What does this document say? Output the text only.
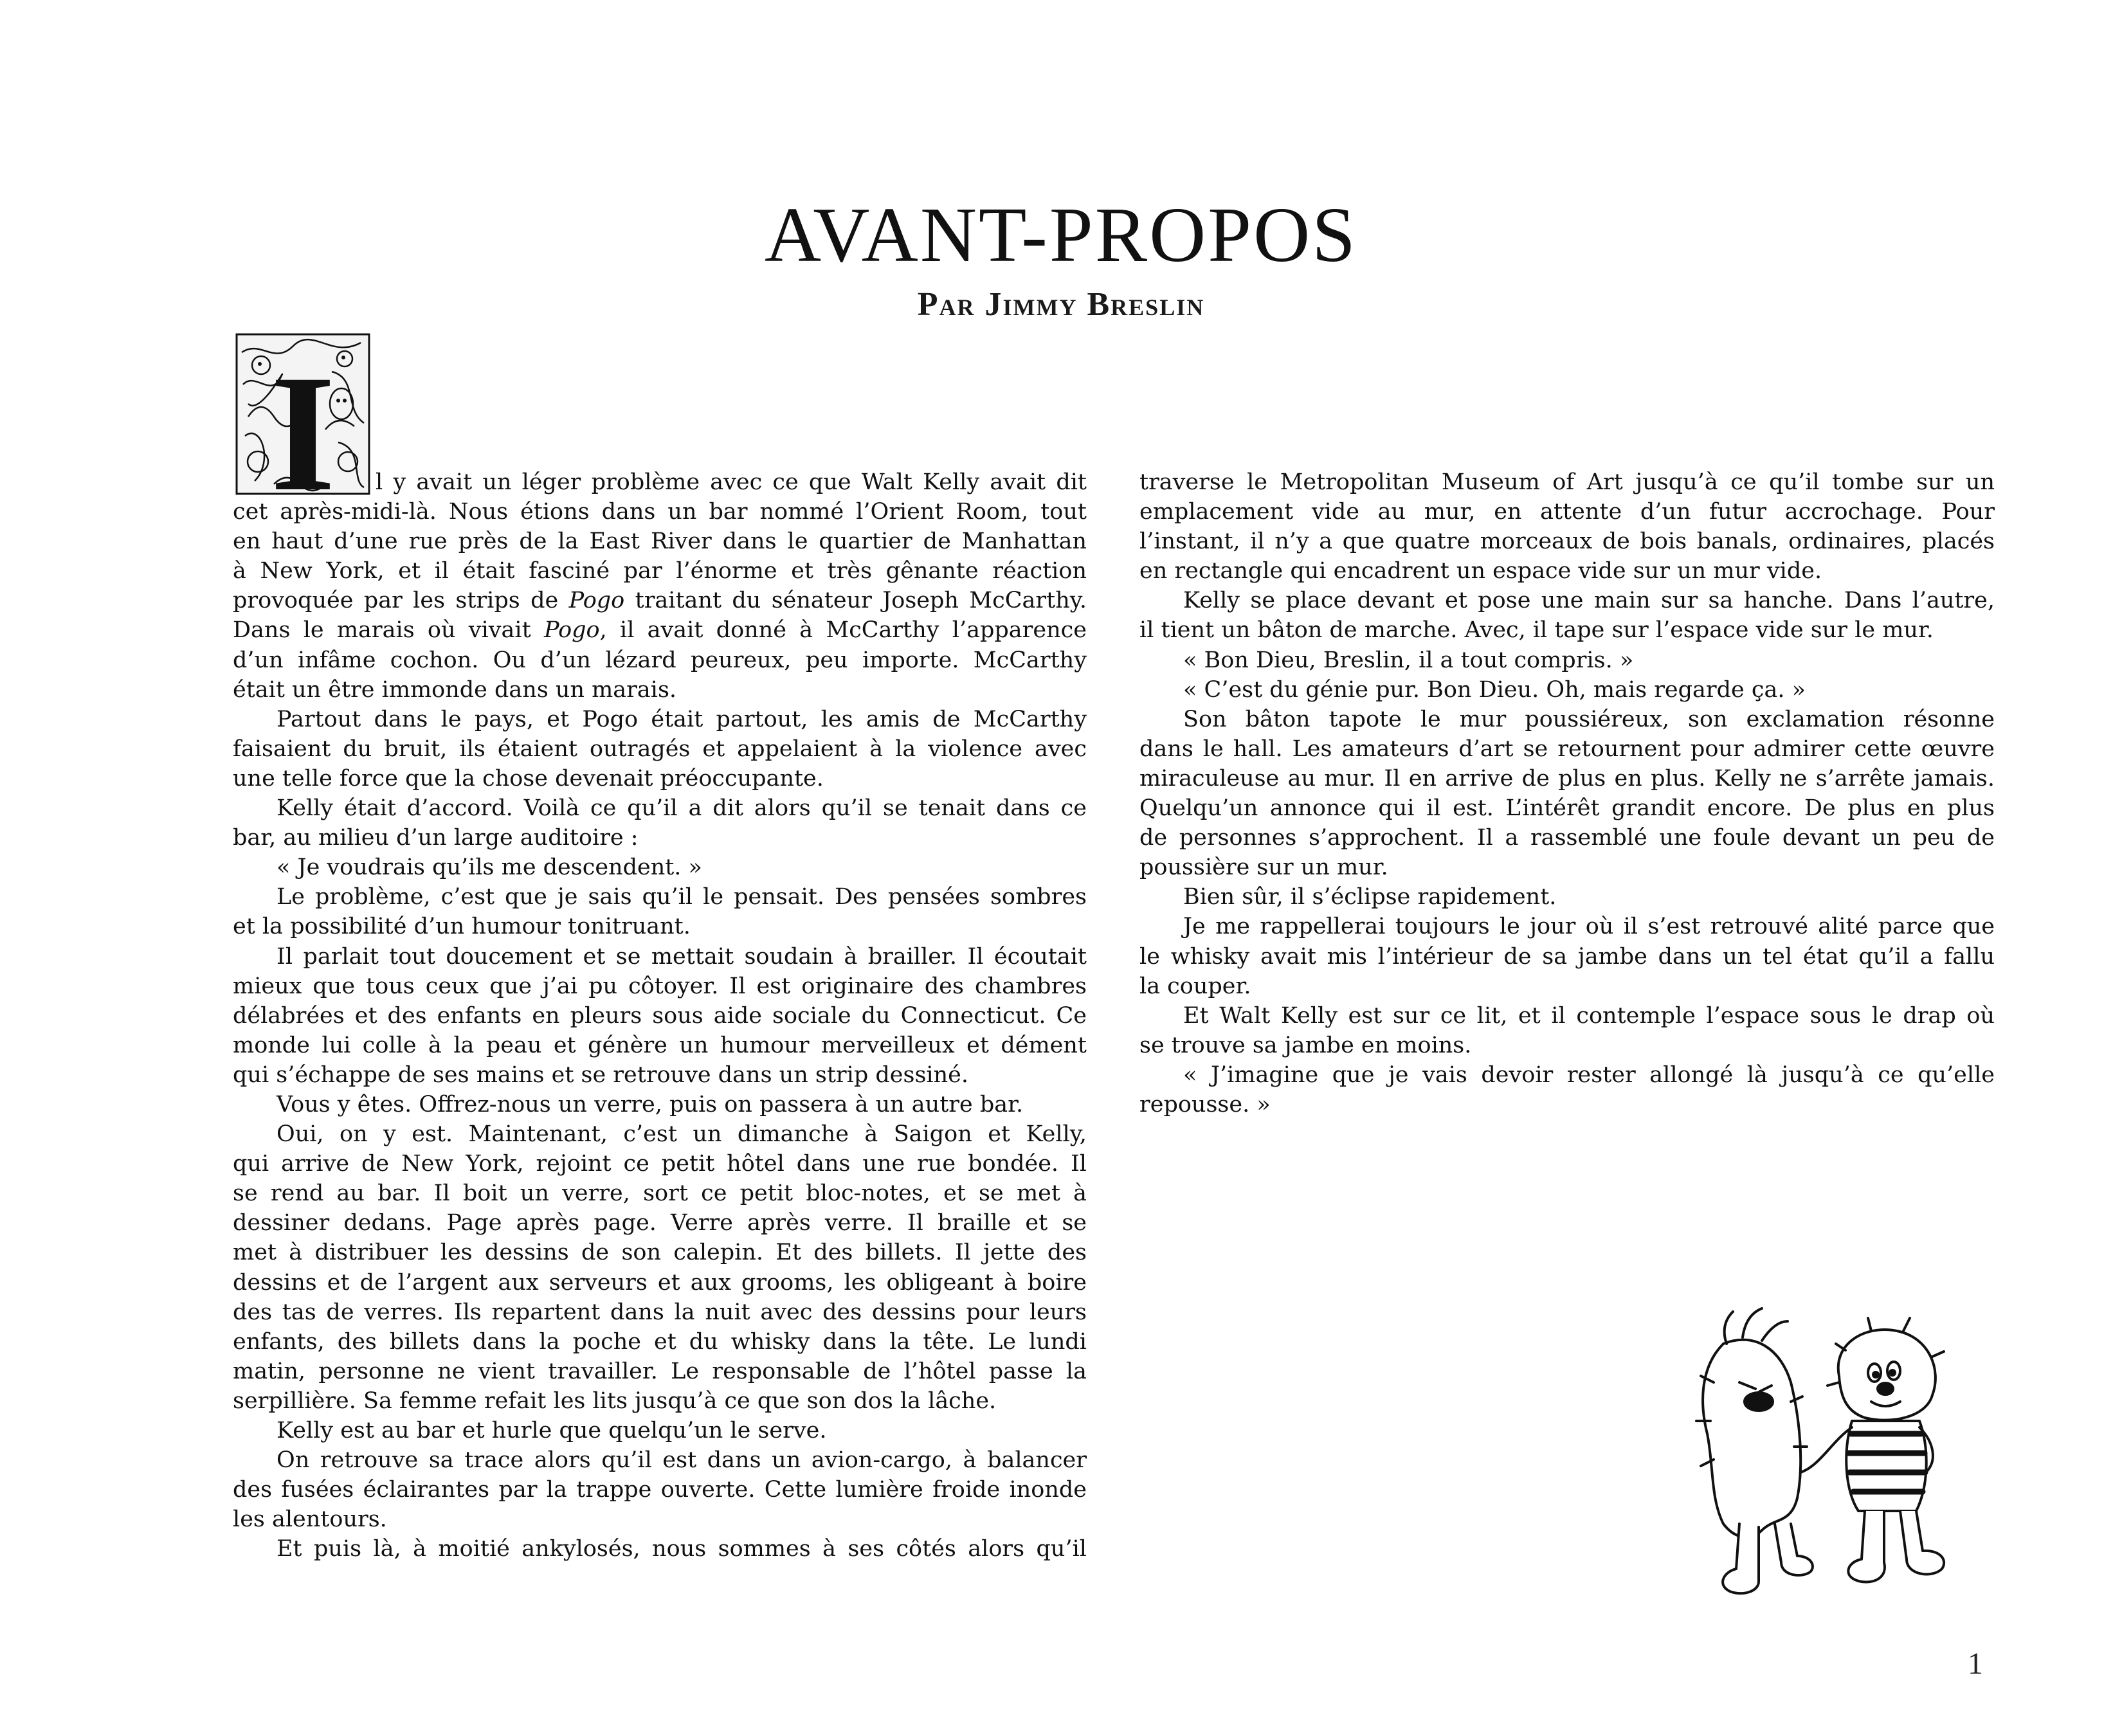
AVANT-PROPOS
Par Jimmy Breslin
I	l y avait un léger problème avec ce que Walt Kelly avait dit
cet après-midi-là. Nous étions dans un bar nommé l’Orient Room, tout
en haut d’une rue près de la East River dans le quartier de Manhattan
à New York, et il était fasciné par l’énorme et très gênante réaction
provoquée par les strips de Pogo traitant du sénateur Joseph McCarthy.
Dans le marais où vivait Pogo, il avait donné à McCarthy l’apparence
d’un infâme cochon. Ou d’un lézard peureux, peu importe. McCarthy
était un être immonde dans un marais.
Partout dans le pays, et Pogo était partout, les amis de McCarthy
faisaient du bruit, ils étaient outragés et appelaient à la violence avec
une telle force que la chose devenait préoccupante.
Kelly était d’accord. Voilà ce qu’il a dit alors qu’il se tenait dans ce
bar, au milieu d’un large auditoire :
« Je voudrais qu’ils me descendent. »
Le problème, c’est que je sais qu’il le pensait. Des pensées sombres
et la possibilité d’un humour tonitruant.
Il parlait tout doucement et se mettait soudain à brailler. Il écoutait
mieux que tous ceux que j’ai pu côtoyer. Il est originaire des chambres
délabrées et des enfants en pleurs sous aide sociale du Connecticut. Ce
monde lui colle à la peau et génère un humour merveilleux et dément
qui s’échappe de ses mains et se retrouve dans un strip dessiné.
Vous y êtes. Offrez-nous un verre, puis on passera à un autre bar.
Oui, on y est. Maintenant, c’est un dimanche à Saigon et Kelly,
qui arrive de New York, rejoint ce petit hôtel dans une rue bondée. Il
se rend au bar. Il boit un verre, sort ce petit bloc-notes, et se met à
dessiner dedans. Page après page. Verre après verre. Il braille et se
met à distribuer les dessins de son calepin. Et des billets. Il jette des
dessins et de l’argent aux serveurs et aux grooms, les obligeant à boire
des tas de verres. Ils repartent dans la nuit avec des dessins pour leurs
enfants, des billets dans la poche et du whisky dans la tête. Le lundi
matin, personne ne vient travailler. Le responsable de l’hôtel passe la
serpillière. Sa femme refait les lits jusqu’à ce que son dos la lâche.
Kelly est au bar et hurle que quelqu’un le serve.
On retrouve sa trace alors qu’il est dans un avion-cargo, à balancer
des fusées éclairantes par la trappe ouverte. Cette lumière froide inonde
les alentours.
Et puis là, à moitié ankylosés, nous sommes à ses côtés alors qu’il
traverse le Metropolitan Museum of Art jusqu’à ce qu’il tombe sur un
emplacement vide au mur, en attente d’un futur accrochage. Pour
l’instant, il n’y a que quatre morceaux de bois banals, ordinaires, placés
en rectangle qui encadrent un espace vide sur un mur vide.
Kelly se place devant et pose une main sur sa hanche. Dans l’autre,
il tient un bâton de marche. Avec, il tape sur l’espace vide sur le mur.
« Bon Dieu, Breslin, il a tout compris. »
« C’est du génie pur. Bon Dieu. Oh, mais regarde ça. »
Son bâton tapote le mur poussiéreux, son exclamation résonne
dans le hall. Les amateurs d’art se retournent pour admirer cette œuvre
miraculeuse au mur. Il en arrive de plus en plus. Kelly ne s’arrête jamais.
Quelqu’un annonce qui il est. L’intérêt grandit encore. De plus en plus
de personnes s’approchent. Il a rassemblé une foule devant un peu de
poussière sur un mur.
Bien sûr, il s’éclipse rapidement.
Je me rappellerai toujours le jour où il s’est retrouvé alité parce que
le whisky avait mis l’intérieur de sa jambe dans un tel état qu’il a fallu
la couper.
Et Walt Kelly est sur ce lit, et il contemple l’espace sous le drap où
se trouve sa jambe en moins.
« J’imagine que je vais devoir rester allongé là jusqu’à ce qu’elle
repousse. »
1
